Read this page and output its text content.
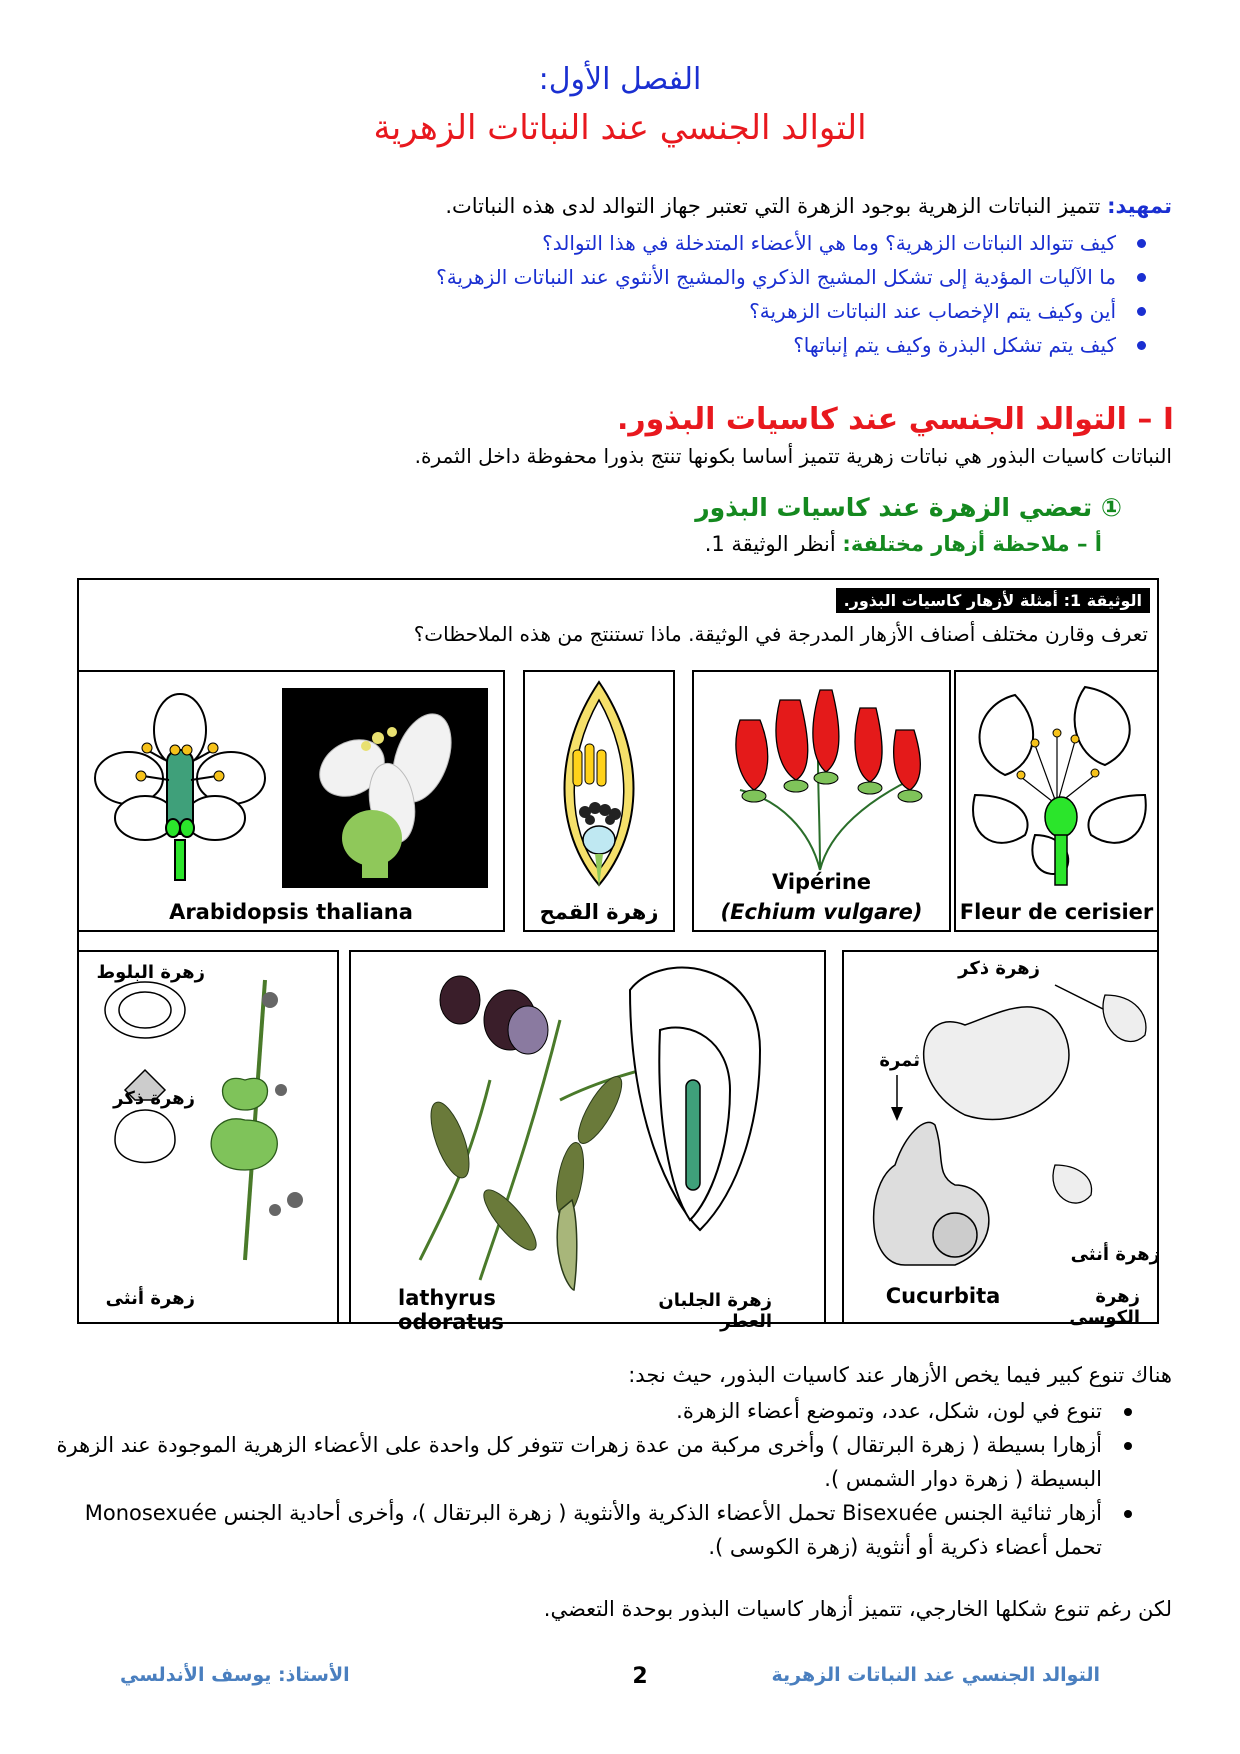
الفصل الأول:
التوالد الجنسي عند النباتات الزهرية
تمهيد: تتميز النباتات الزهرية بوجود الزهرة التي تعتبر جهاز التوالد لدى هذه النباتات.
كيف تتوالد النباتات الزهرية؟ وما هي الأعضاء المتدخلة في هذا التوالد؟
ما الآليات المؤدية إلى تشكل المشيج الذكري والمشيج الأنثوي عند النباتات الزهرية؟
أين وكيف يتم الإخصاب عند النباتات الزهرية؟
كيف يتم تشكل البذرة وكيف يتم إنباتها؟
I – التوالد الجنسي عند كاسيات البذور.
النباتات كاسيات البذور هي نباتات زهرية تتميز أساسا بكونها تنتج بذورا محفوظة داخل الثمرة.
① تعضي الزهرة عند كاسيات البذور
أ – ملاحظة أزهار مختلفة: أنظر الوثيقة 1.
الوثيقة 1: أمثلة لأزهار كاسيات البذور.
تعرف وقارن مختلف أصناف الأزهار المدرجة في الوثيقة. ماذا تستنتج من هذه الملاحظات؟
Arabidopsis thaliana	زهرة القمح
Vipérine
(Echium vulgare)	Fleur de cerisier
زهرة البلوط
زهرة ذكر
زهرة أنثى	lathyrus odoratus
زهرة الجلبان العطر
زهرة ذكر
ثمرة
زهرة أنثى
Cucurbita	زهرة الكوسى
هناك تنوع كبير فيما يخص الأزهار عند كاسيات البذور، حيث نجد:
تنوع في لون، شكل، عدد، وتموضع أعضاء الزهرة.
أزهارا بسيطة ( زهرة البرتقال ) وأخرى مركبة من عدة زهرات تتوفر كل واحدة على الأعضاء الزهرية الموجودة عند الزهرة البسيطة ( زهرة دوار الشمس ).
أزهار ثنائية الجنس Bisexuée تحمل الأعضاء الذكرية والأنثوية ( زهرة البرتقال )، وأخرى أحادية الجنس Monosexuée تحمل أعضاء ذكرية أو أنثوية (زهرة الكوسى ).
لكن رغم تنوع شكلها الخارجي، تتميز أزهار كاسيات البذور بوحدة التعضي.
التوالد الجنسي عند النباتات الزهرية
2
الأستاذ: يوسف الأندلسي
